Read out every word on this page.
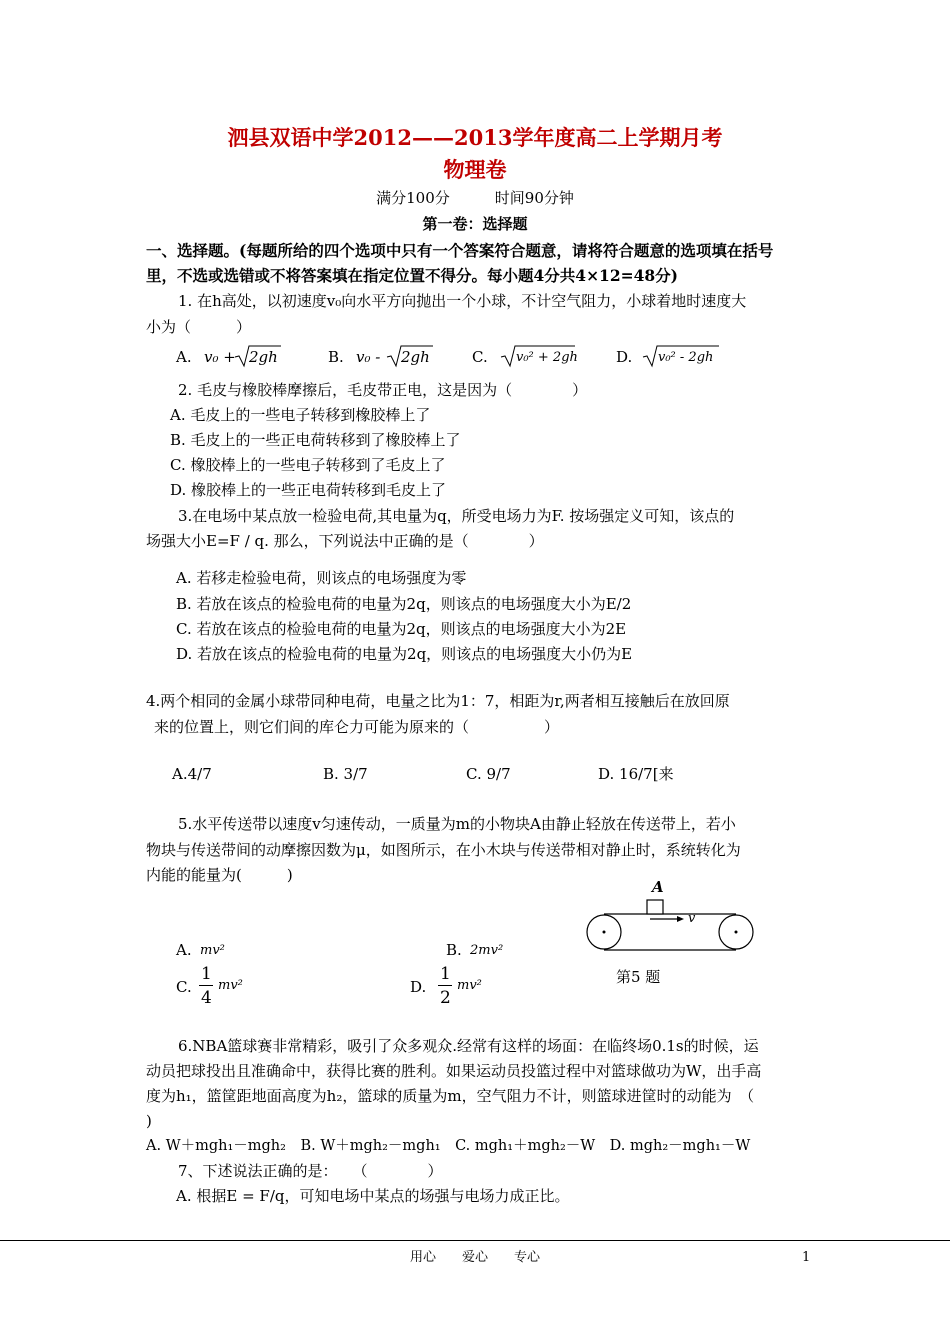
泗县双语中学2012——2013学年度高二上学期月考
物理卷
满分100分　　　时间90分钟
第一卷：选择题
一、选择题。(每题所给的四个选项中只有一个答案符合题意，请将符合题意的选项填在括号
里，不选或选错或不将答案填在指定位置不得分。每小题4分共4×12=48分)
1. 在h高处，以初速度v₀向水平方向抛出一个小球，不计空气阻力，小球着地时速度大
小为（　　　）
A. v₀ + 2gh	B. v₀ - 2gh	C. v₀² + 2gh	D. v₀² - 2gh
2. 毛皮与橡胶棒摩擦后，毛皮带正电，这是因为（　　　　）
A. 毛皮上的一些电子转移到橡胶棒上了
B. 毛皮上的一些正电荷转移到了橡胶棒上了
C. 橡胶棒上的一些电子转移到了毛皮上了
D. 橡胶棒上的一些正电荷转移到毛皮上了
3.在电场中某点放一检验电荷,其电量为q，所受电场力为F. 按场强定义可知，该点的
场强大小E=F / q. 那么，下列说法中正确的是（　　　　）
A. 若移走检验电荷，则该点的电场强度为零
B. 若放在该点的检验电荷的电量为2q，则该点的电场强度大小为E/2
C. 若放在该点的检验电荷的电量为2q，则该点的电场强度大小为2E
D. 若放在该点的检验电荷的电量为2q，则该点的电场强度大小仍为E
4.两个相同的金属小球带同种电荷，电量之比为1：7，相距为r,两者相互接触后在放回原
来的位置上，则它们间的库仑力可能为原来的（　　　　　）
A.4/7	B. 3/7	C. 9/7	D. 16/7[来
5.水平传送带以速度v匀速传动，一质量为m的小物块A由静止轻放在传送带上，若小
物块与传送带间的动摩擦因数为μ，如图所示，在小木块与传送带相对静止时，系统转化为
内能的能量为(　　　)
A. mv²	B. 2mv²
C.
1
4
mv²	D.
1
2
mv²
A
v
第5 题
6.NBA篮球赛非常精彩，吸引了众多观众.经常有这样的场面：在临终场0.1s的时候，运
动员把球投出且准确命中，获得比赛的胜利。如果运动员投篮过程中对篮球做功为W，出手高
度为h₁，篮筐距地面高度为h₂，篮球的质量为m，空气阻力不计，则篮球进筐时的动能为　（
)
A. W＋mgh₁－mgh₂　B. W＋mgh₂－mgh₁　C. mgh₁＋mgh₂－W　D. mgh₂－mgh₁－W
7、下述说法正确的是：　　（　　　　）
A. 根据E = F/q，可知电场中某点的场强与电场力成正比。
用心　　爱心　　专心	1
